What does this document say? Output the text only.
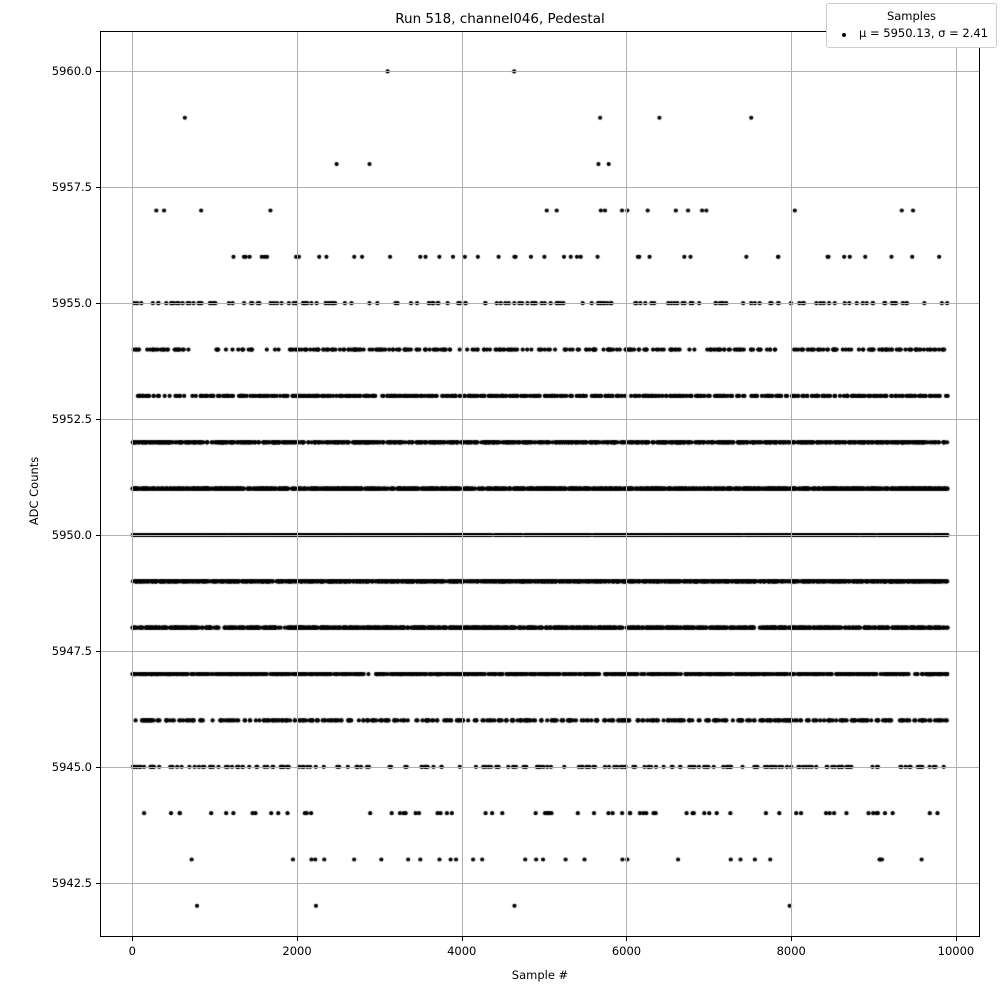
Run 518, channel046, Pedestal	Samples
μ = 5950.13, σ = 2.41
Sample #
ADC Counts
0	2000	4000	6000	8000	10000
5942.5
5945.0
5947.5
5950.0
5952.5
5955.0
5957.5
5960.0
